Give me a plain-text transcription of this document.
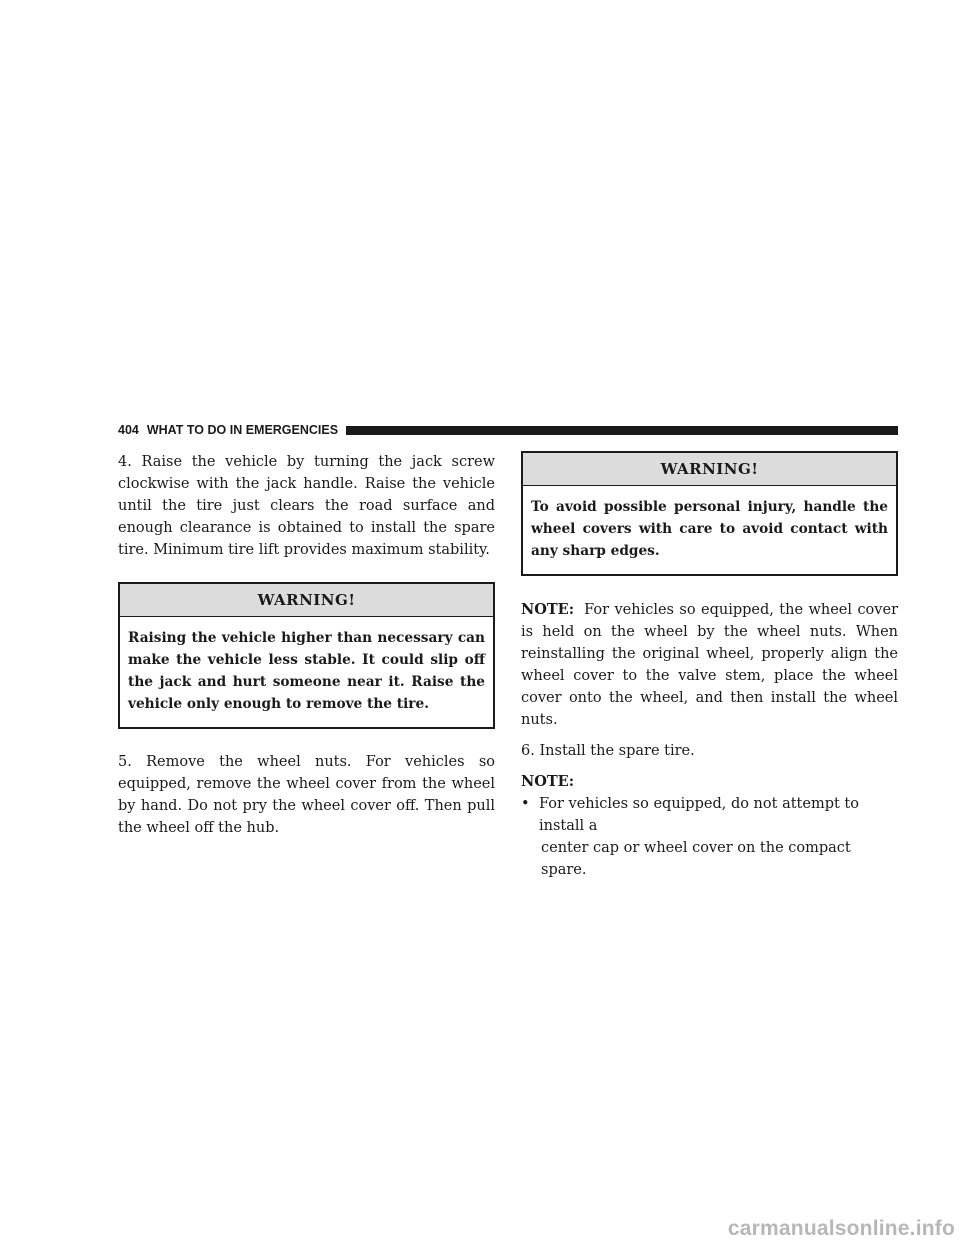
404 WHAT TO DO IN EMERGENCIES

4. Raise the vehicle by turning the jack screw clockwise with the jack handle. Raise the vehicle until the tire just clears the road surface and enough clearance is obtained to install the spare tire. Minimum tire lift provides maximum stability.

WARNING!
Raising the vehicle higher than necessary can make the vehicle less stable. It could slip off the jack and hurt someone near it. Raise the vehicle only enough to remove the tire.

5. Remove the wheel nuts. For vehicles so equipped, remove the wheel cover from the wheel by hand. Do not pry the wheel cover off. Then pull the wheel off the hub.

WARNING!
To avoid possible personal injury, handle the wheel covers with care to avoid contact with any sharp edges.

NOTE: For vehicles so equipped, the wheel cover is held on the wheel by the wheel nuts. When reinstalling the original wheel, properly align the wheel cover to the valve stem, place the wheel cover onto the wheel, and then install the wheel nuts.

6. Install the spare tire.

NOTE:

• For vehicles so equipped, do not attempt to install a
center cap or wheel cover on the compact spare.
carmanualsonline.info
